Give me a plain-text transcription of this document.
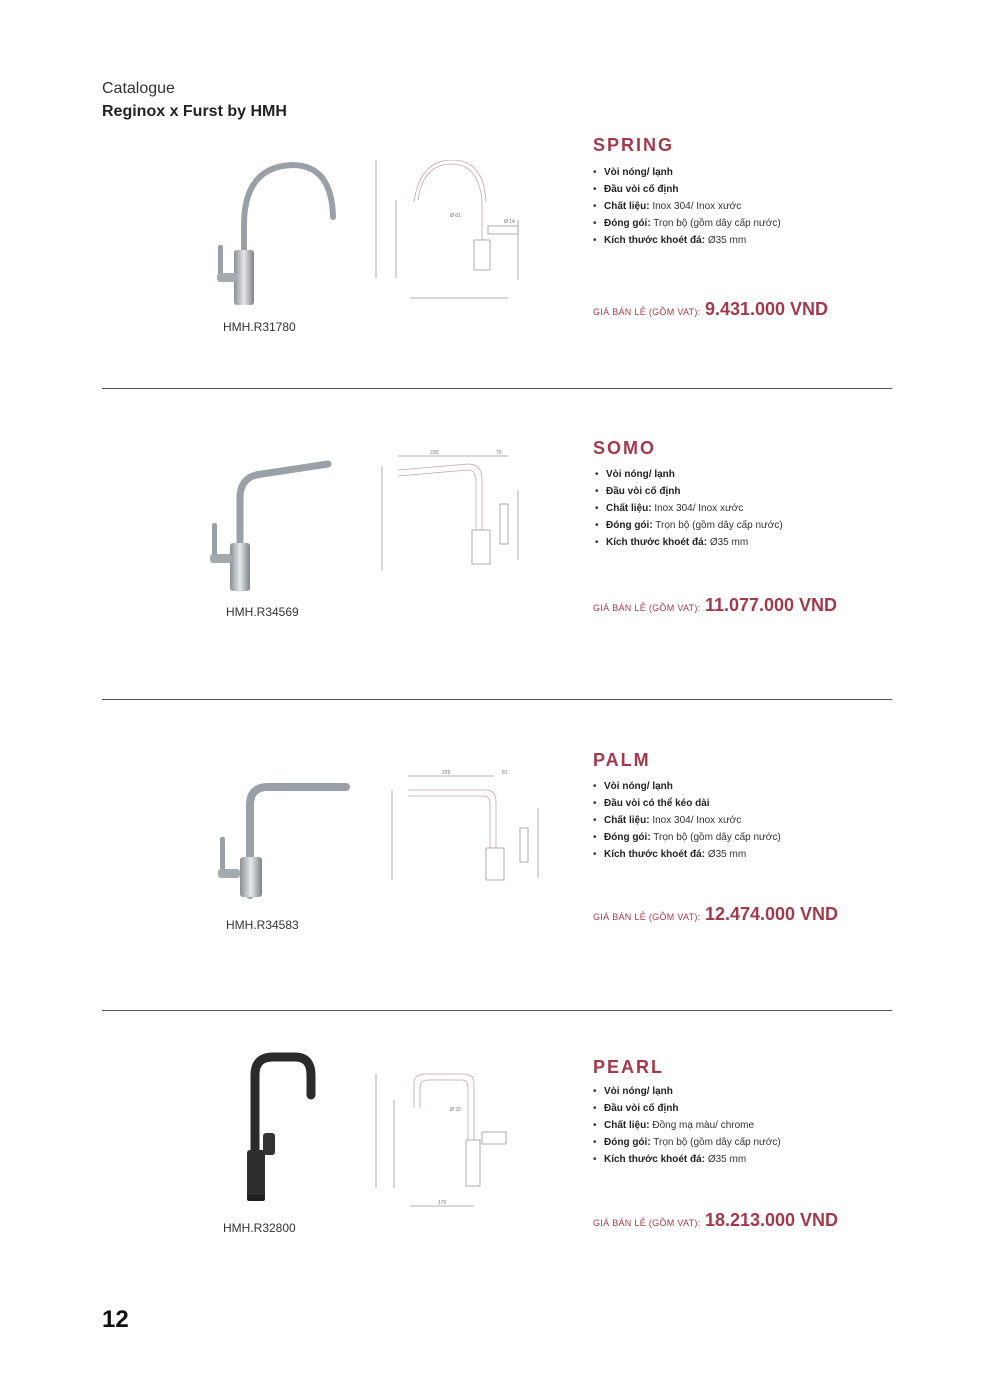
Catalogue
Reginox x Furst by HMH
Ø 61
Ø 14
HMH.R31780
SPRING
• Vòi nóng/ lạnh
• Đầu vòi cố định
• Chất liệu: Inox 304/ Inox xước
• Đóng gói: Trọn bộ (gồm dây cấp nước)
• Kích thước khoét đá: Ø35 mm
GIÁ BÁN LẺ (GỒM VAT): 9.431.000 VND
235	79
HMH.R34569
SOMO
• Vòi nóng/ lạnh
• Đầu vòi cố định
• Chất liệu: Inox 304/ Inox xước
• Đóng gói: Trọn bộ (gồm dây cấp nước)
• Kích thước khoét đá: Ø35 mm
GIÁ BÁN LẺ (GỒM VAT): 11.077.000 VND
229	81
HMH.R34583
PALM
• Vòi nóng/ lạnh
• Đầu vòi có thể kéo dài
• Chất liệu: Inox 304/ Inox xước
• Đóng gói: Trọn bộ (gồm dây cấp nước)
• Kích thước khoét đá: Ø35 mm
GIÁ BÁN LẺ (GỒM VAT): 12.474.000 VND
Ø 32
176
HMH.R32800
PEARL
• Vòi nóng/ lạnh
• Đầu vòi cố định
• Chất liệu: Đồng mạ màu/ chrome
• Đóng gói: Trọn bộ (gồm dây cấp nước)
• Kích thước khoét đá: Ø35 mm
GIÁ BÁN LẺ (GỒM VAT): 18.213.000 VND
12
